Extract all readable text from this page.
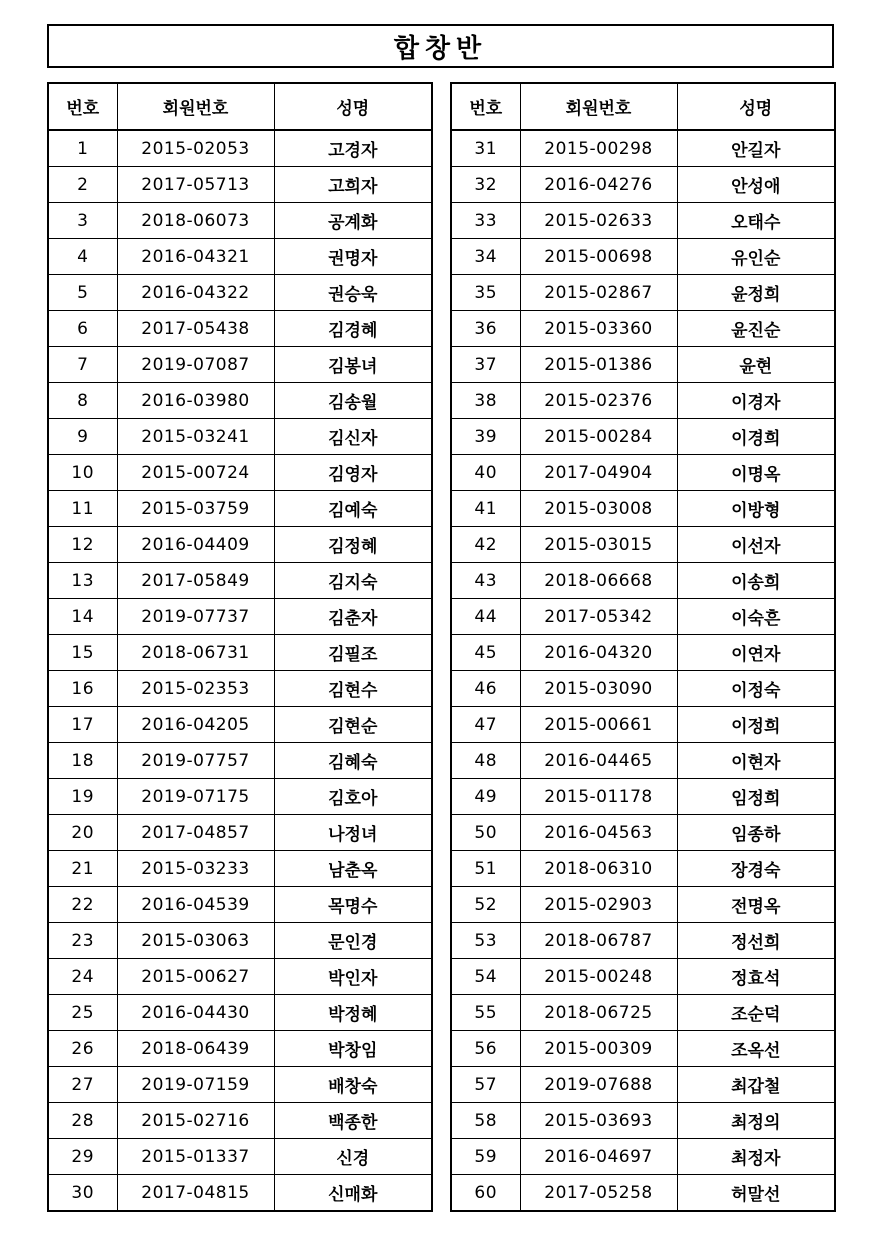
합창반
번호	회원번호	성명
1	2015-02053	고경자
2	2017-05713	고희자
3	2018-06073	공계화
4	2016-04321	권명자
5	2016-04322	권승욱
6	2017-05438	김경혜
7	2019-07087	김봉녀
8	2016-03980	김송월
9	2015-03241	김신자
10	2015-00724	김영자
11	2015-03759	김예숙
12	2016-04409	김정혜
13	2017-05849	김지숙
14	2019-07737	김춘자
15	2018-06731	김필조
16	2015-02353	김현수
17	2016-04205	김현순
18	2019-07757	김혜숙
19	2019-07175	김호아
20	2017-04857	나정녀
21	2015-03233	남춘옥
22	2016-04539	목명수
23	2015-03063	문인경
24	2015-00627	박인자
25	2016-04430	박정혜
26	2018-06439	박창임
27	2019-07159	배창숙
28	2015-02716	백종한
29	2015-01337	신경
30	2017-04815	신매화
번호	회원번호	성명
31	2015-00298	안길자
32	2016-04276	안성애
33	2015-02633	오태수
34	2015-00698	유인순
35	2015-02867	윤정희
36	2015-03360	윤진순
37	2015-01386	윤현
38	2015-02376	이경자
39	2015-00284	이경희
40	2017-04904	이명옥
41	2015-03008	이방형
42	2015-03015	이선자
43	2018-06668	이송희
44	2017-05342	이숙흔
45	2016-04320	이연자
46	2015-03090	이정숙
47	2015-00661	이정희
48	2016-04465	이현자
49	2015-01178	임정희
50	2016-04563	임종하
51	2018-06310	장경숙
52	2015-02903	전명옥
53	2018-06787	정선희
54	2015-00248	정효석
55	2018-06725	조순덕
56	2015-00309	조옥선
57	2019-07688	최갑철
58	2015-03693	최정의
59	2016-04697	최정자
60	2017-05258	허말선
